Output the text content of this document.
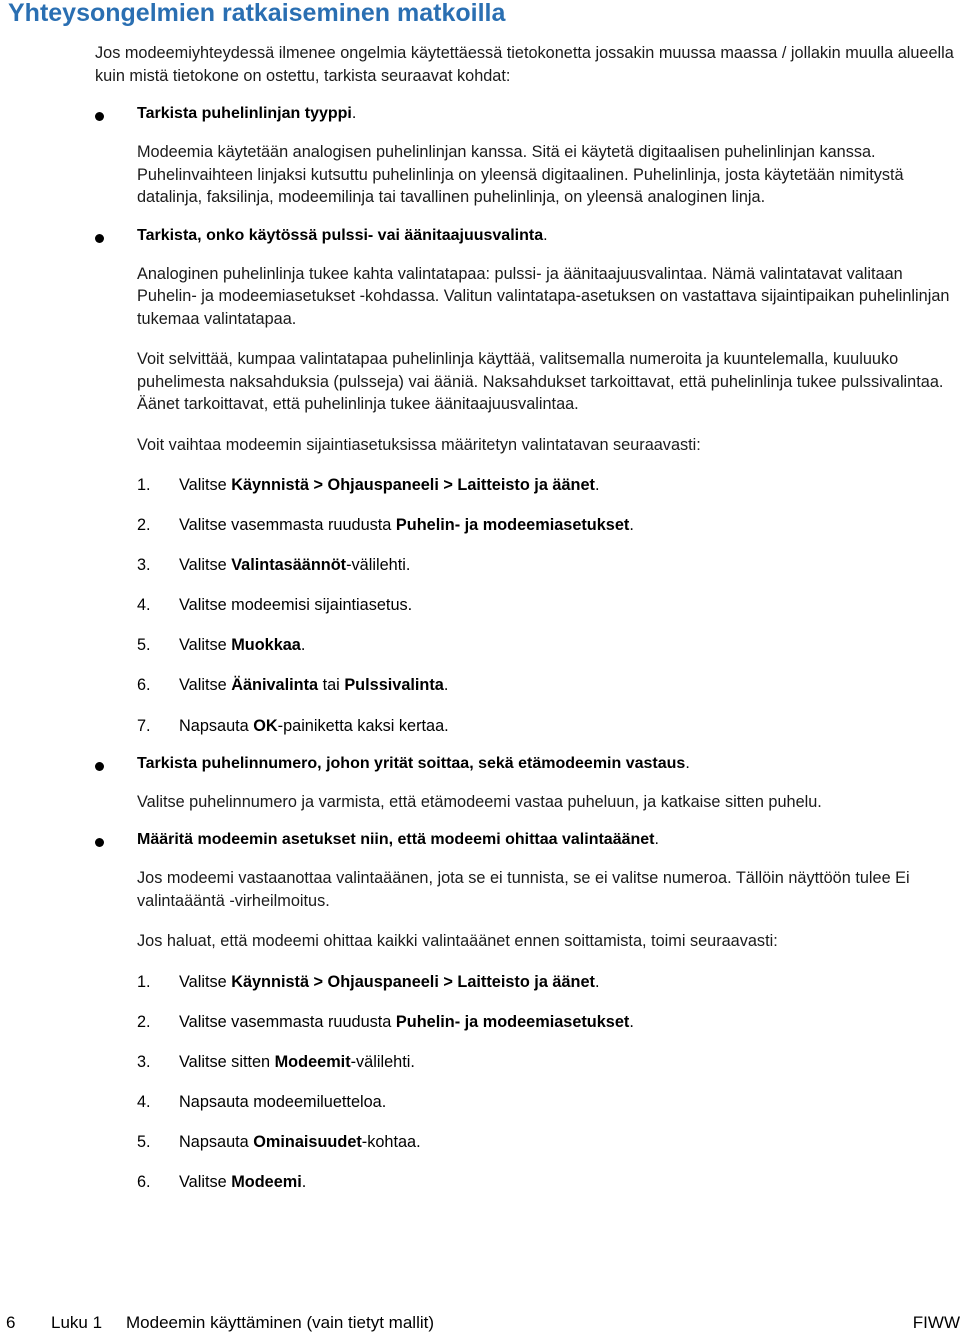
Yhteysongelmien ratkaiseminen matkoilla

Jos modeemiyhteydessä ilmenee ongelmia käytettäessä tietokonetta jossakin muussa maassa / jollakin muulla alueella kuin mistä tietokone on ostettu, tarkista seuraavat kohdat:

Tarkista puhelinlinjan tyyppi.

Modeemia käytetään analogisen puhelinlinjan kanssa. Sitä ei käytetä digitaalisen puhelinlinjan kanssa. Puhelinvaihteen linjaksi kutsuttu puhelinlinja on yleensä digitaalinen. Puhelinlinja, josta käytetään nimitystä datalinja, faksilinja, modeemilinja tai tavallinen puhelinlinja, on yleensä analoginen linja.

Tarkista, onko käytössä pulssi- vai äänitaajuusvalinta.

Analoginen puhelinlinja tukee kahta valintatapaa: pulssi- ja äänitaajuusvalintaa. Nämä valintatavat valitaan Puhelin- ja modeemiasetukset -kohdassa. Valitun valintatapa-asetuksen on vastattava sijaintipaikan puhelinlinjan tukemaa valintatapaa.

Voit selvittää, kumpaa valintatapaa puhelinlinja käyttää, valitsemalla numeroita ja kuuntelemalla, kuuluuko puhelimesta naksahduksia (pulsseja) vai ääniä. Naksahdukset tarkoittavat, että puhelinlinja tukee pulssivalintaa. Äänet tarkoittavat, että puhelinlinja tukee äänitaajuusvalintaa.

Voit vaihtaa modeemin sijaintiasetuksissa määritetyn valintatavan seuraavasti:

1. Valitse Käynnistä > Ohjauspaneeli > Laitteisto ja äänet.
2. Valitse vasemmasta ruudusta Puhelin- ja modeemiasetukset.
3. Valitse Valintasäännöt-välilehti.
4. Valitse modeemisi sijaintiasetus.
5. Valitse Muokkaa.
6. Valitse Äänivalinta tai Pulssivalinta.
7. Napsauta OK-painiketta kaksi kertaa.
Tarkista puhelinnumero, johon yrität soittaa, sekä etämodeemin vastaus.

Valitse puhelinnumero ja varmista, että etämodeemi vastaa puheluun, ja katkaise sitten puhelu.

Määritä modeemin asetukset niin, että modeemi ohittaa valintaäänet.

Jos modeemi vastaanottaa valintaäänen, jota se ei tunnista, se ei valitse numeroa. Tällöin näyttöön tulee Ei valintaääntä -virheilmoitus.

Jos haluat, että modeemi ohittaa kaikki valintaäänet ennen soittamista, toimi seuraavasti:

1. Valitse Käynnistä > Ohjauspaneeli > Laitteisto ja äänet.
2. Valitse vasemmasta ruudusta Puhelin- ja modeemiasetukset.
3. Valitse sitten Modeemit-välilehti.
4. Napsauta modeemiluetteloa.
5. Napsauta Ominaisuudet-kohtaa.
6. Valitse Modeemi.
6 Luku 1 Modeemin käyttäminen (vain tietyt mallit)	FIWW
